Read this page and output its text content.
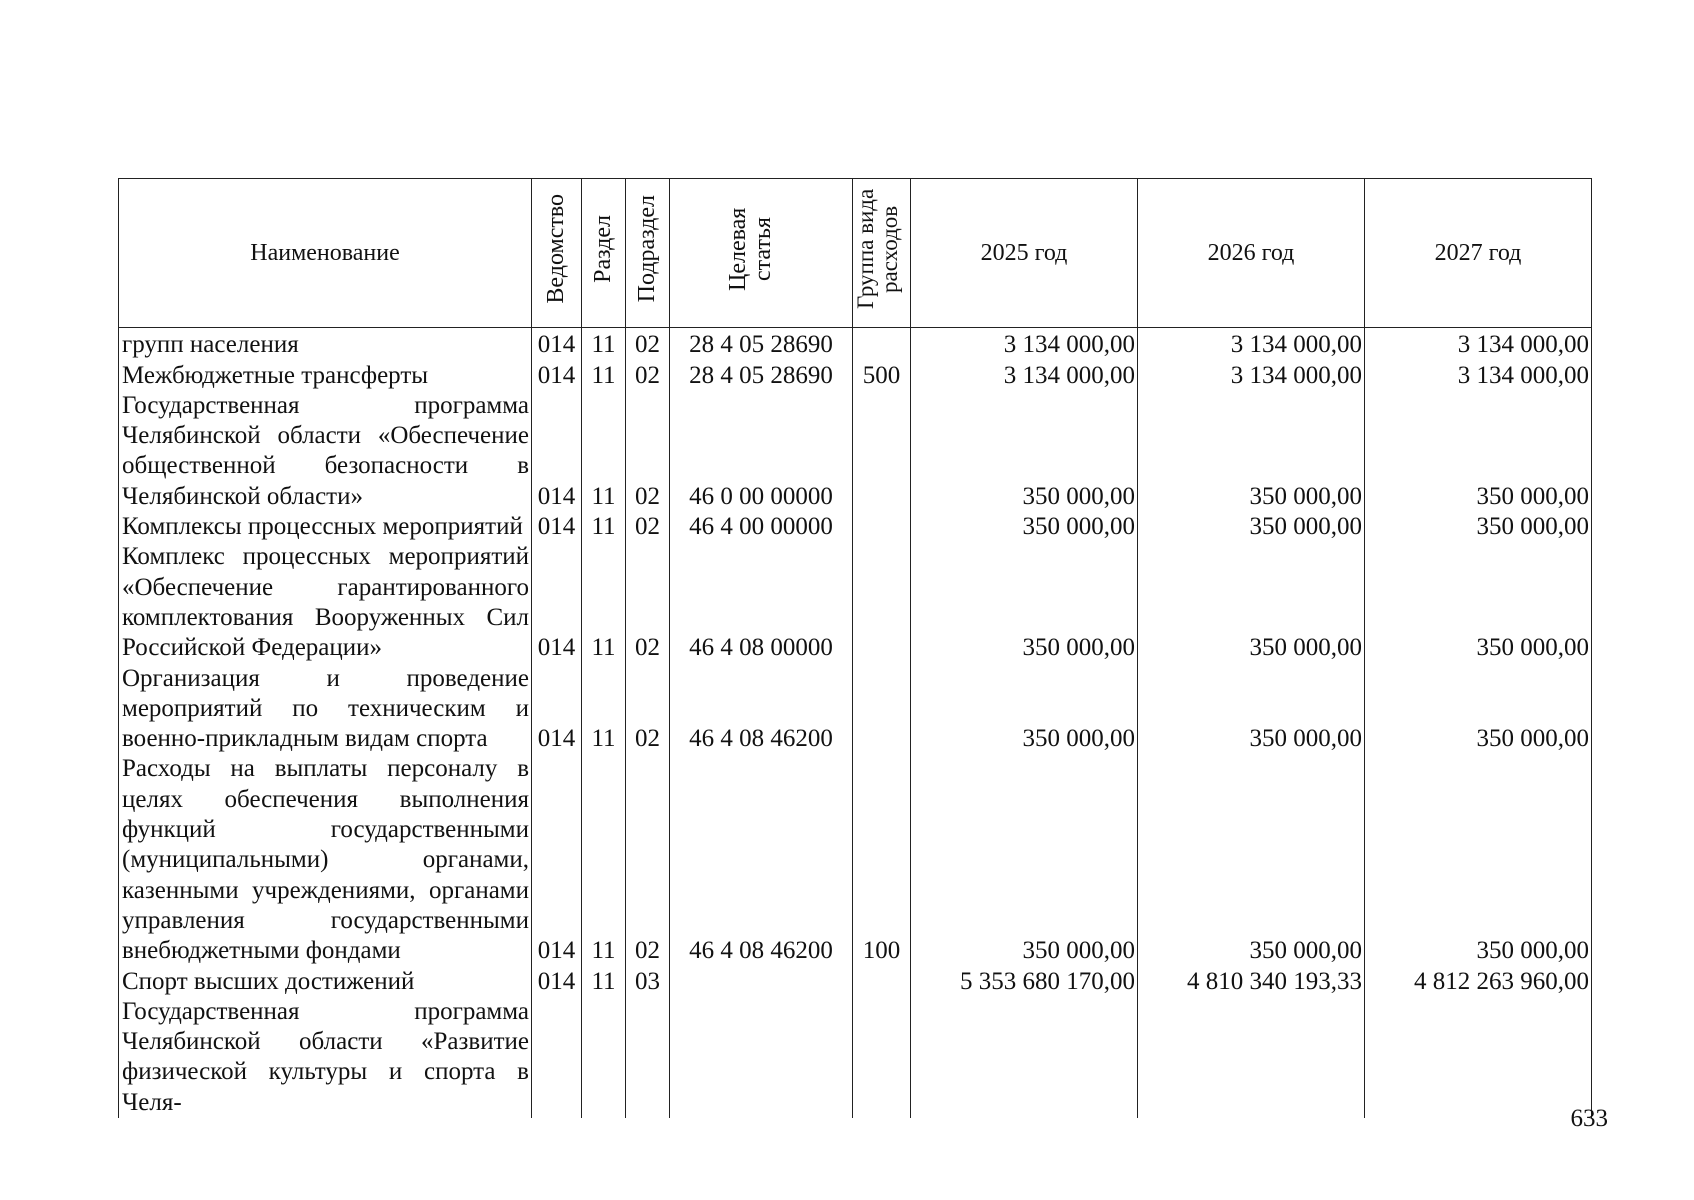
Наименование	Ведомство	Раздел	Подраздел	Целевая статья	Группа вида расходов	2025 год	2026 год	2027 год
групп населения	014	11	02	28 4 05 28690		3 134 000,00	3 134 000,00	3 134 000,00
Межбюджетные трансферты	014	11	02	28 4 05 28690	500	3 134 000,00	3 134 000,00	3 134 000,00
Государственная программа Челябинской области «Обеспечение общественной безопасности в Челябинской области»	014	11	02	46 0 00 00000		350 000,00	350 000,00	350 000,00
Комплексы процессных мероприятий	014	11	02	46 4 00 00000		350 000,00	350 000,00	350 000,00
Комплекс процессных мероприятий «Обеспечение гарантированного комплектования Вооруженных Сил Российской Федерации»	014	11	02	46 4 08 00000		350 000,00	350 000,00	350 000,00
Организация и проведение мероприятий по техническим и военно-прикладным видам спорта	014	11	02	46 4 08 46200		350 000,00	350 000,00	350 000,00
Расходы на выплаты персоналу в целях обеспечения выполнения функций государственными (муниципальными) органами, казенными учреждениями, органами управления государственными внебюджетными фондами	014	11	02	46 4 08 46200	100	350 000,00	350 000,00	350 000,00
Спорт высших достижений	014	11	03			5 353 680 170,00	4 810 340 193,33	4 812 263 960,00
Государственная программа Челябинской области «Развитие физической культуры и спорта в Челя-								
633
